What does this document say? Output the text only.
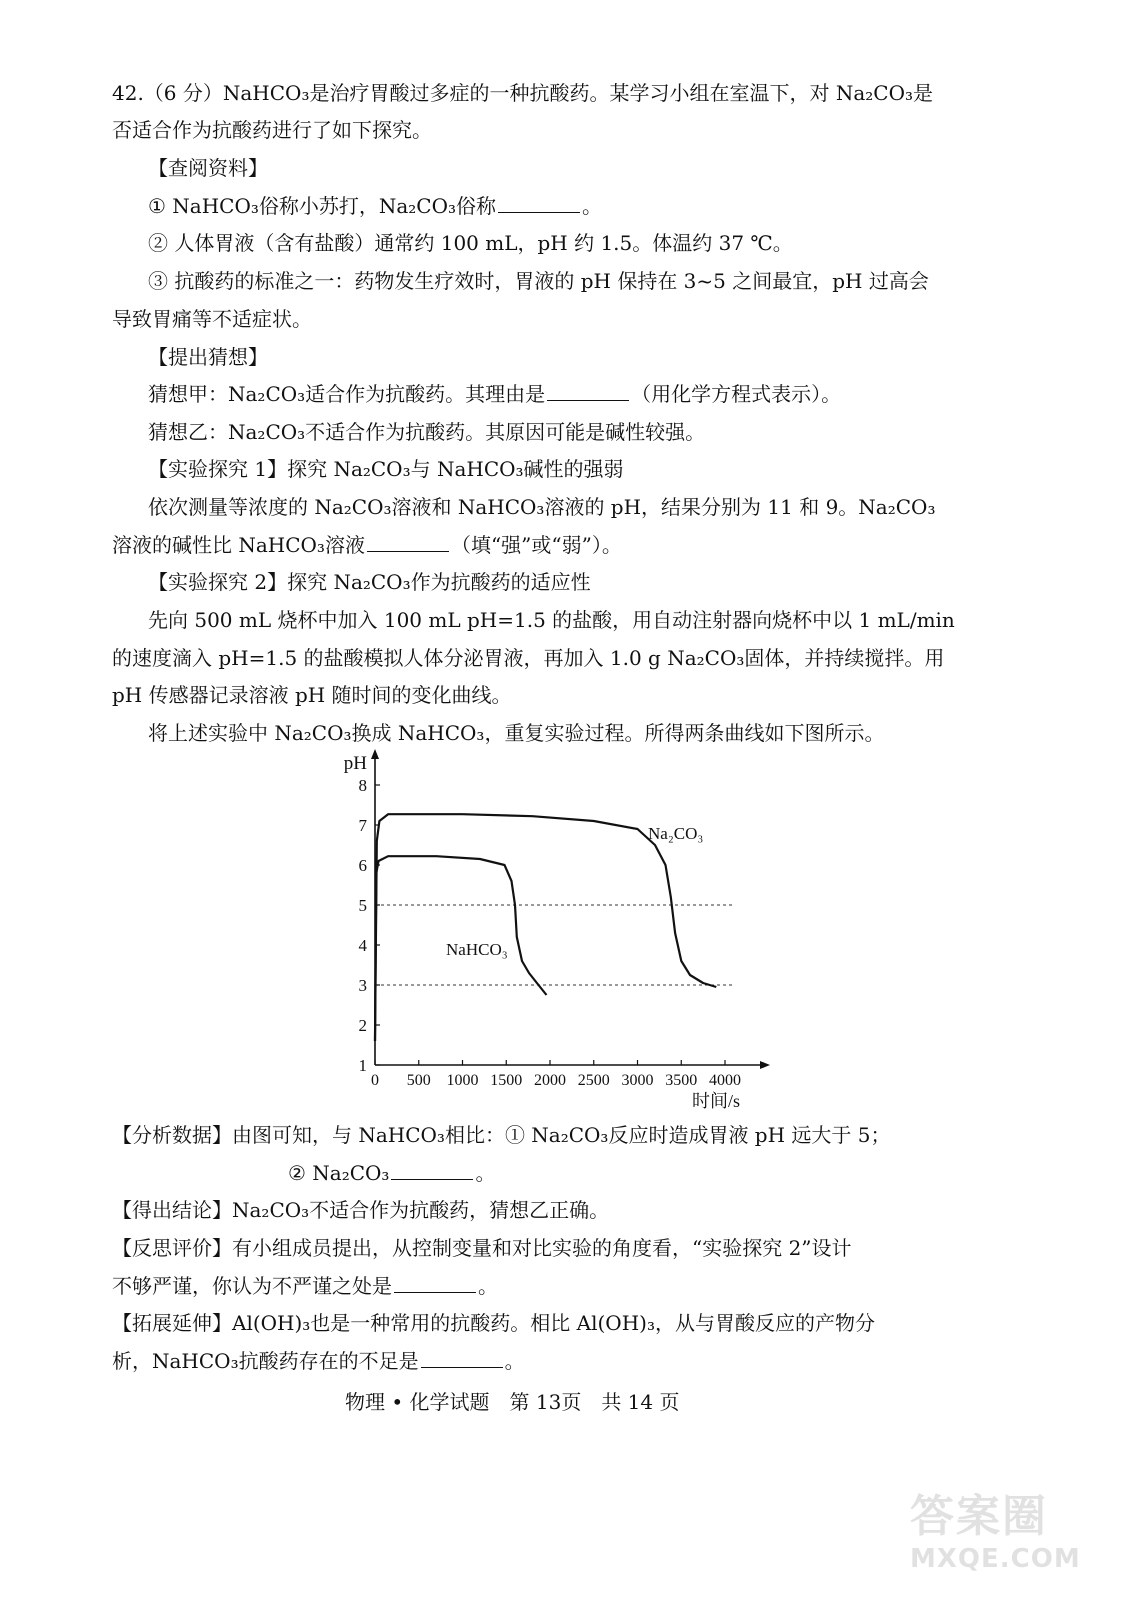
42.（6 分）NaHCO₃是治疗胃酸过多症的一种抗酸药。某学习小组在室温下，对 Na₂CO₃是
否适合作为抗酸药进行了如下探究。
【查阅资料】
① NaHCO₃俗称小苏打，Na₂CO₃俗称	。
② 人体胃液（含有盐酸）通常约 100 mL，pH 约 1.5。体温约 37 ℃。
③ 抗酸药的标准之一：药物发生疗效时，胃液的 pH 保持在 3~5 之间最宜，pH 过高会
导致胃痛等不适症状。
【提出猜想】
猜想甲：Na₂CO₃适合作为抗酸药。其理由是	（用化学方程式表示）。
猜想乙：Na₂CO₃不适合作为抗酸药。其原因可能是碱性较强。
【实验探究 1】探究 Na₂CO₃与 NaHCO₃碱性的强弱
依次测量等浓度的 Na₂CO₃溶液和 NaHCO₃溶液的 pH，结果分别为 11 和 9。Na₂CO₃
溶液的碱性比 NaHCO₃溶液	（填“强”或“弱”）。
【实验探究 2】探究 Na₂CO₃作为抗酸药的适应性
先向 500 mL 烧杯中加入 100 mL pH=1.5 的盐酸，用自动注射器向烧杯中以 1 mL/min
的速度滴入 pH=1.5 的盐酸模拟人体分泌胃液，再加入 1.0 g Na₂CO₃固体，并持续搅拌。用
pH 传感器记录溶液 pH 随时间的变化曲线。
将上述实验中 Na₂CO₃换成 NaHCO₃，重复实验过程。所得两条曲线如下图所示。
1
2
3
4
5
6
7
8
0 500 1000 1500 2000 2500 3000 3500 4000
pH
时间/s
Na₂CO₃
NaHCO₃
【分析数据】由图可知，与 NaHCO₃相比：① Na₂CO₃反应时造成胃液 pH 远大于 5；
② Na₂CO₃	。
【得出结论】Na₂CO₃不适合作为抗酸药，猜想乙正确。
【反思评价】有小组成员提出，从控制变量和对比实验的角度看，“实验探究 2”设计
不够严谨，你认为不严谨之处是	。
【拓展延伸】Al(OH)₃也是一种常用的抗酸药。相比 Al(OH)₃，从与胃酸反应的产物分
析，NaHCO₃抗酸药存在的不足是	。
物理 • 化学试题　第 13页　共 14 页
答案圈
MXQE.COM
